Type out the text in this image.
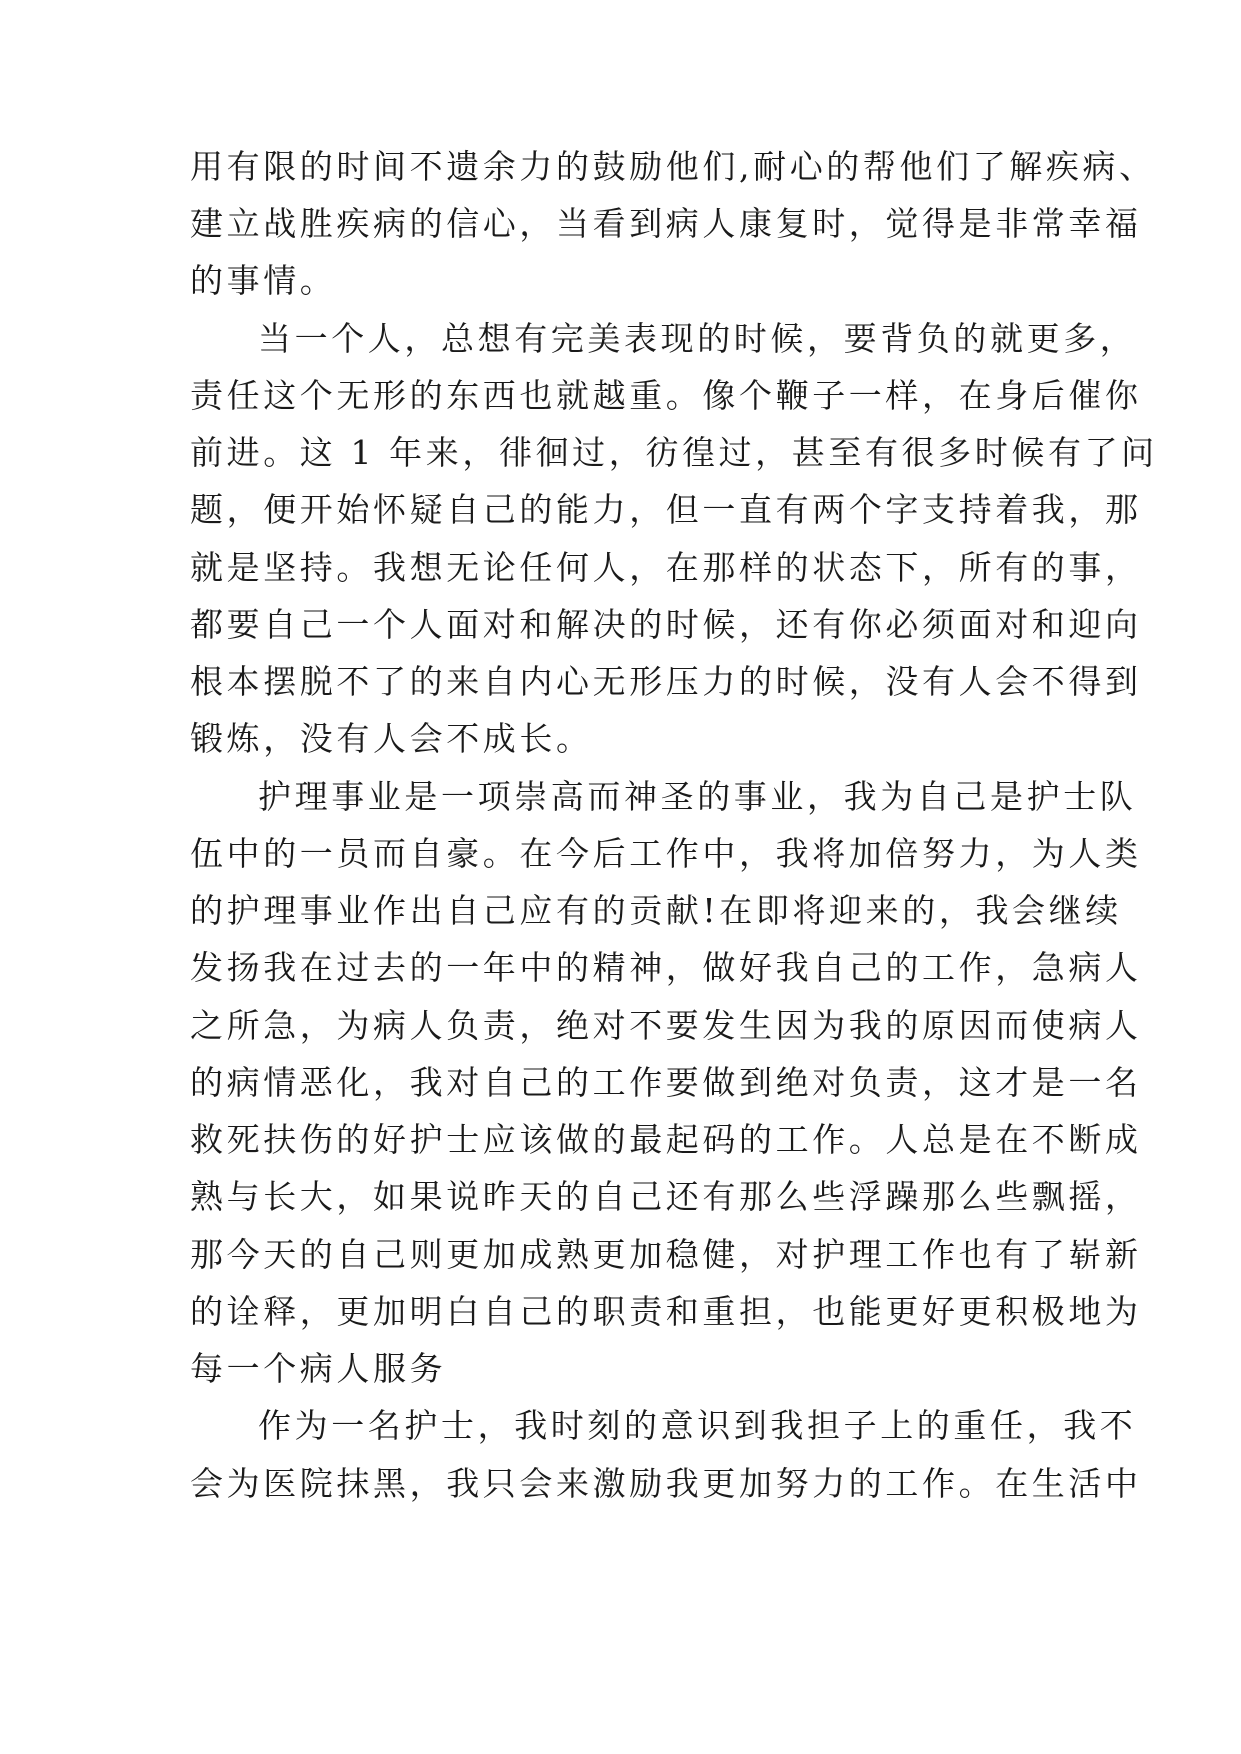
用有限的时间不遗余力的鼓励他们,耐心的帮他们了解疾病、
建立战胜疾病的信心，当看到病人康复时，觉得是非常幸福
的事情。
当一个人，总想有完美表现的时候，要背负的就更多，
责任这个无形的东西也就越重。像个鞭子一样，在身后催你
前进。这 1 年来，徘徊过，彷徨过，甚至有很多时候有了问
题，便开始怀疑自己的能力，但一直有两个字支持着我，那
就是坚持。我想无论任何人，在那样的状态下，所有的事，
都要自己一个人面对和解决的时候，还有你必须面对和迎向
根本摆脱不了的来自内心无形压力的时候，没有人会不得到
锻炼，没有人会不成长。
护理事业是一项崇高而神圣的事业，我为自己是护士队
伍中的一员而自豪。在今后工作中，我将加倍努力，为人类
的护理事业作出自己应有的贡献!在即将迎来的，我会继续
发扬我在过去的一年中的精神，做好我自己的工作，急病人
之所急，为病人负责，绝对不要发生因为我的原因而使病人
的病情恶化，我对自己的工作要做到绝对负责，这才是一名
救死扶伤的好护士应该做的最起码的工作。人总是在不断成
熟与长大，如果说昨天的自己还有那么些浮躁那么些飘摇，
那今天的自己则更加成熟更加稳健，对护理工作也有了崭新
的诠释，更加明白自己的职责和重担，也能更好更积极地为
每一个病人服务
作为一名护士，我时刻的意识到我担子上的重任，我不
会为医院抹黑，我只会来激励我更加努力的工作。在生活中
